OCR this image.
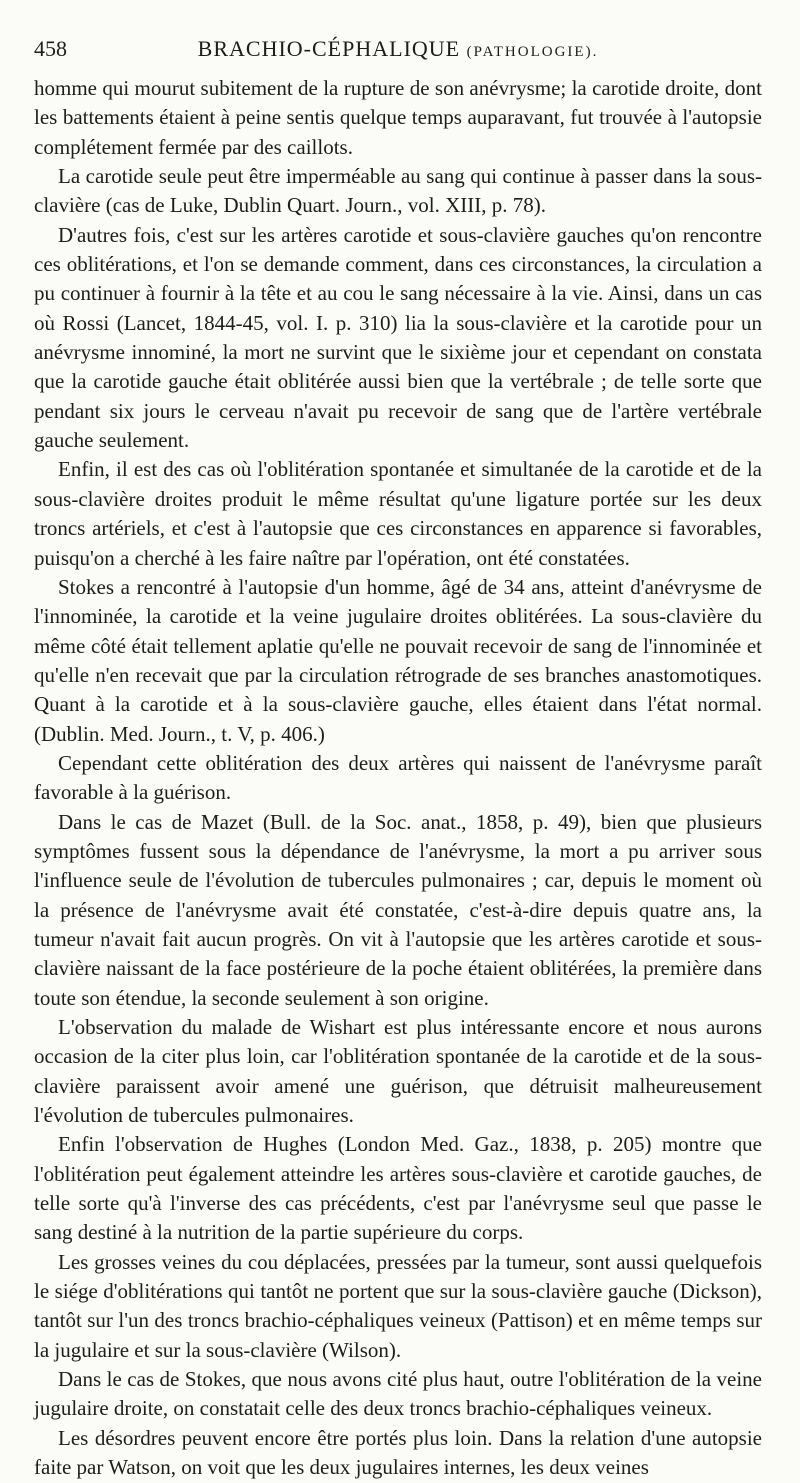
458	BRACHIO-CÉPHALIQUE (PATHOLOGIE).

homme qui mourut subitement de la rupture de son anévrysme; la carotide droite, dont les battements étaient à peine sentis quelque temps auparavant, fut trouvée à l'autopsie complétement fermée par des caillots.

La carotide seule peut être imperméable au sang qui continue à passer dans la sous-clavière (cas de Luke, Dublin Quart. Journ., vol. XIII, p. 78).

D'autres fois, c'est sur les artères carotide et sous-clavière gauches qu'on rencontre ces oblitérations, et l'on se demande comment, dans ces circonstances, la circulation a pu continuer à fournir à la tête et au cou le sang nécessaire à la vie. Ainsi, dans un cas où Rossi (Lancet, 1844-45, vol. I. p. 310) lia la sous-clavière et la carotide pour un anévrysme innominé, la mort ne survint que le sixième jour et cependant on constata que la carotide gauche était oblitérée aussi bien que la vertébrale ; de telle sorte que pendant six jours le cerveau n'avait pu recevoir de sang que de l'artère vertébrale gauche seulement.

Enfin, il est des cas où l'oblitération spontanée et simultanée de la carotide et de la sous-clavière droites produit le même résultat qu'une ligature portée sur les deux troncs artériels, et c'est à l'autopsie que ces circonstances en apparence si favorables, puisqu'on a cherché à les faire naître par l'opération, ont été constatées.

Stokes a rencontré à l'autopsie d'un homme, âgé de 34 ans, atteint d'anévrysme de l'innominée, la carotide et la veine jugulaire droites oblitérées. La sous-clavière du même côté était tellement aplatie qu'elle ne pouvait recevoir de sang de l'innominée et qu'elle n'en recevait que par la circulation rétrograde de ses branches anastomotiques. Quant à la carotide et à la sous-clavière gauche, elles étaient dans l'état normal. (Dublin. Med. Journ., t. V, p. 406.)

Cependant cette oblitération des deux artères qui naissent de l'anévrysme paraît favorable à la guérison.

Dans le cas de Mazet (Bull. de la Soc. anat., 1858, p. 49), bien que plusieurs symptômes fussent sous la dépendance de l'anévrysme, la mort a pu arriver sous l'influence seule de l'évolution de tubercules pulmonaires ; car, depuis le moment où la présence de l'anévrysme avait été constatée, c'est-à-dire depuis quatre ans, la tumeur n'avait fait aucun progrès. On vit à l'autopsie que les artères carotide et sous-clavière naissant de la face postérieure de la poche étaient oblitérées, la première dans toute son étendue, la seconde seulement à son origine.

L'observation du malade de Wishart est plus intéressante encore et nous aurons occasion de la citer plus loin, car l'oblitération spontanée de la carotide et de la sous-clavière paraissent avoir amené une guérison, que détruisit malheureusement l'évolution de tubercules pulmonaires.

Enfin l'observation de Hughes (London Med. Gaz., 1838, p. 205) montre que l'oblitération peut également atteindre les artères sous-clavière et carotide gauches, de telle sorte qu'à l'inverse des cas précédents, c'est par l'anévrysme seul que passe le sang destiné à la nutrition de la partie supérieure du corps.

Les grosses veines du cou déplacées, pressées par la tumeur, sont aussi quelquefois le siége d'oblitérations qui tantôt ne portent que sur la sous-clavière gauche (Dickson), tantôt sur l'un des troncs brachio-céphaliques veineux (Pattison) et en même temps sur la jugulaire et sur la sous-clavière (Wilson).

Dans le cas de Stokes, que nous avons cité plus haut, outre l'oblitération de la veine jugulaire droite, on constatait celle des deux troncs brachio-céphaliques veineux.

Les désordres peuvent encore être portés plus loin. Dans la relation d'une autopsie faite par Watson, on voit que les deux jugulaires internes, les deux veines
